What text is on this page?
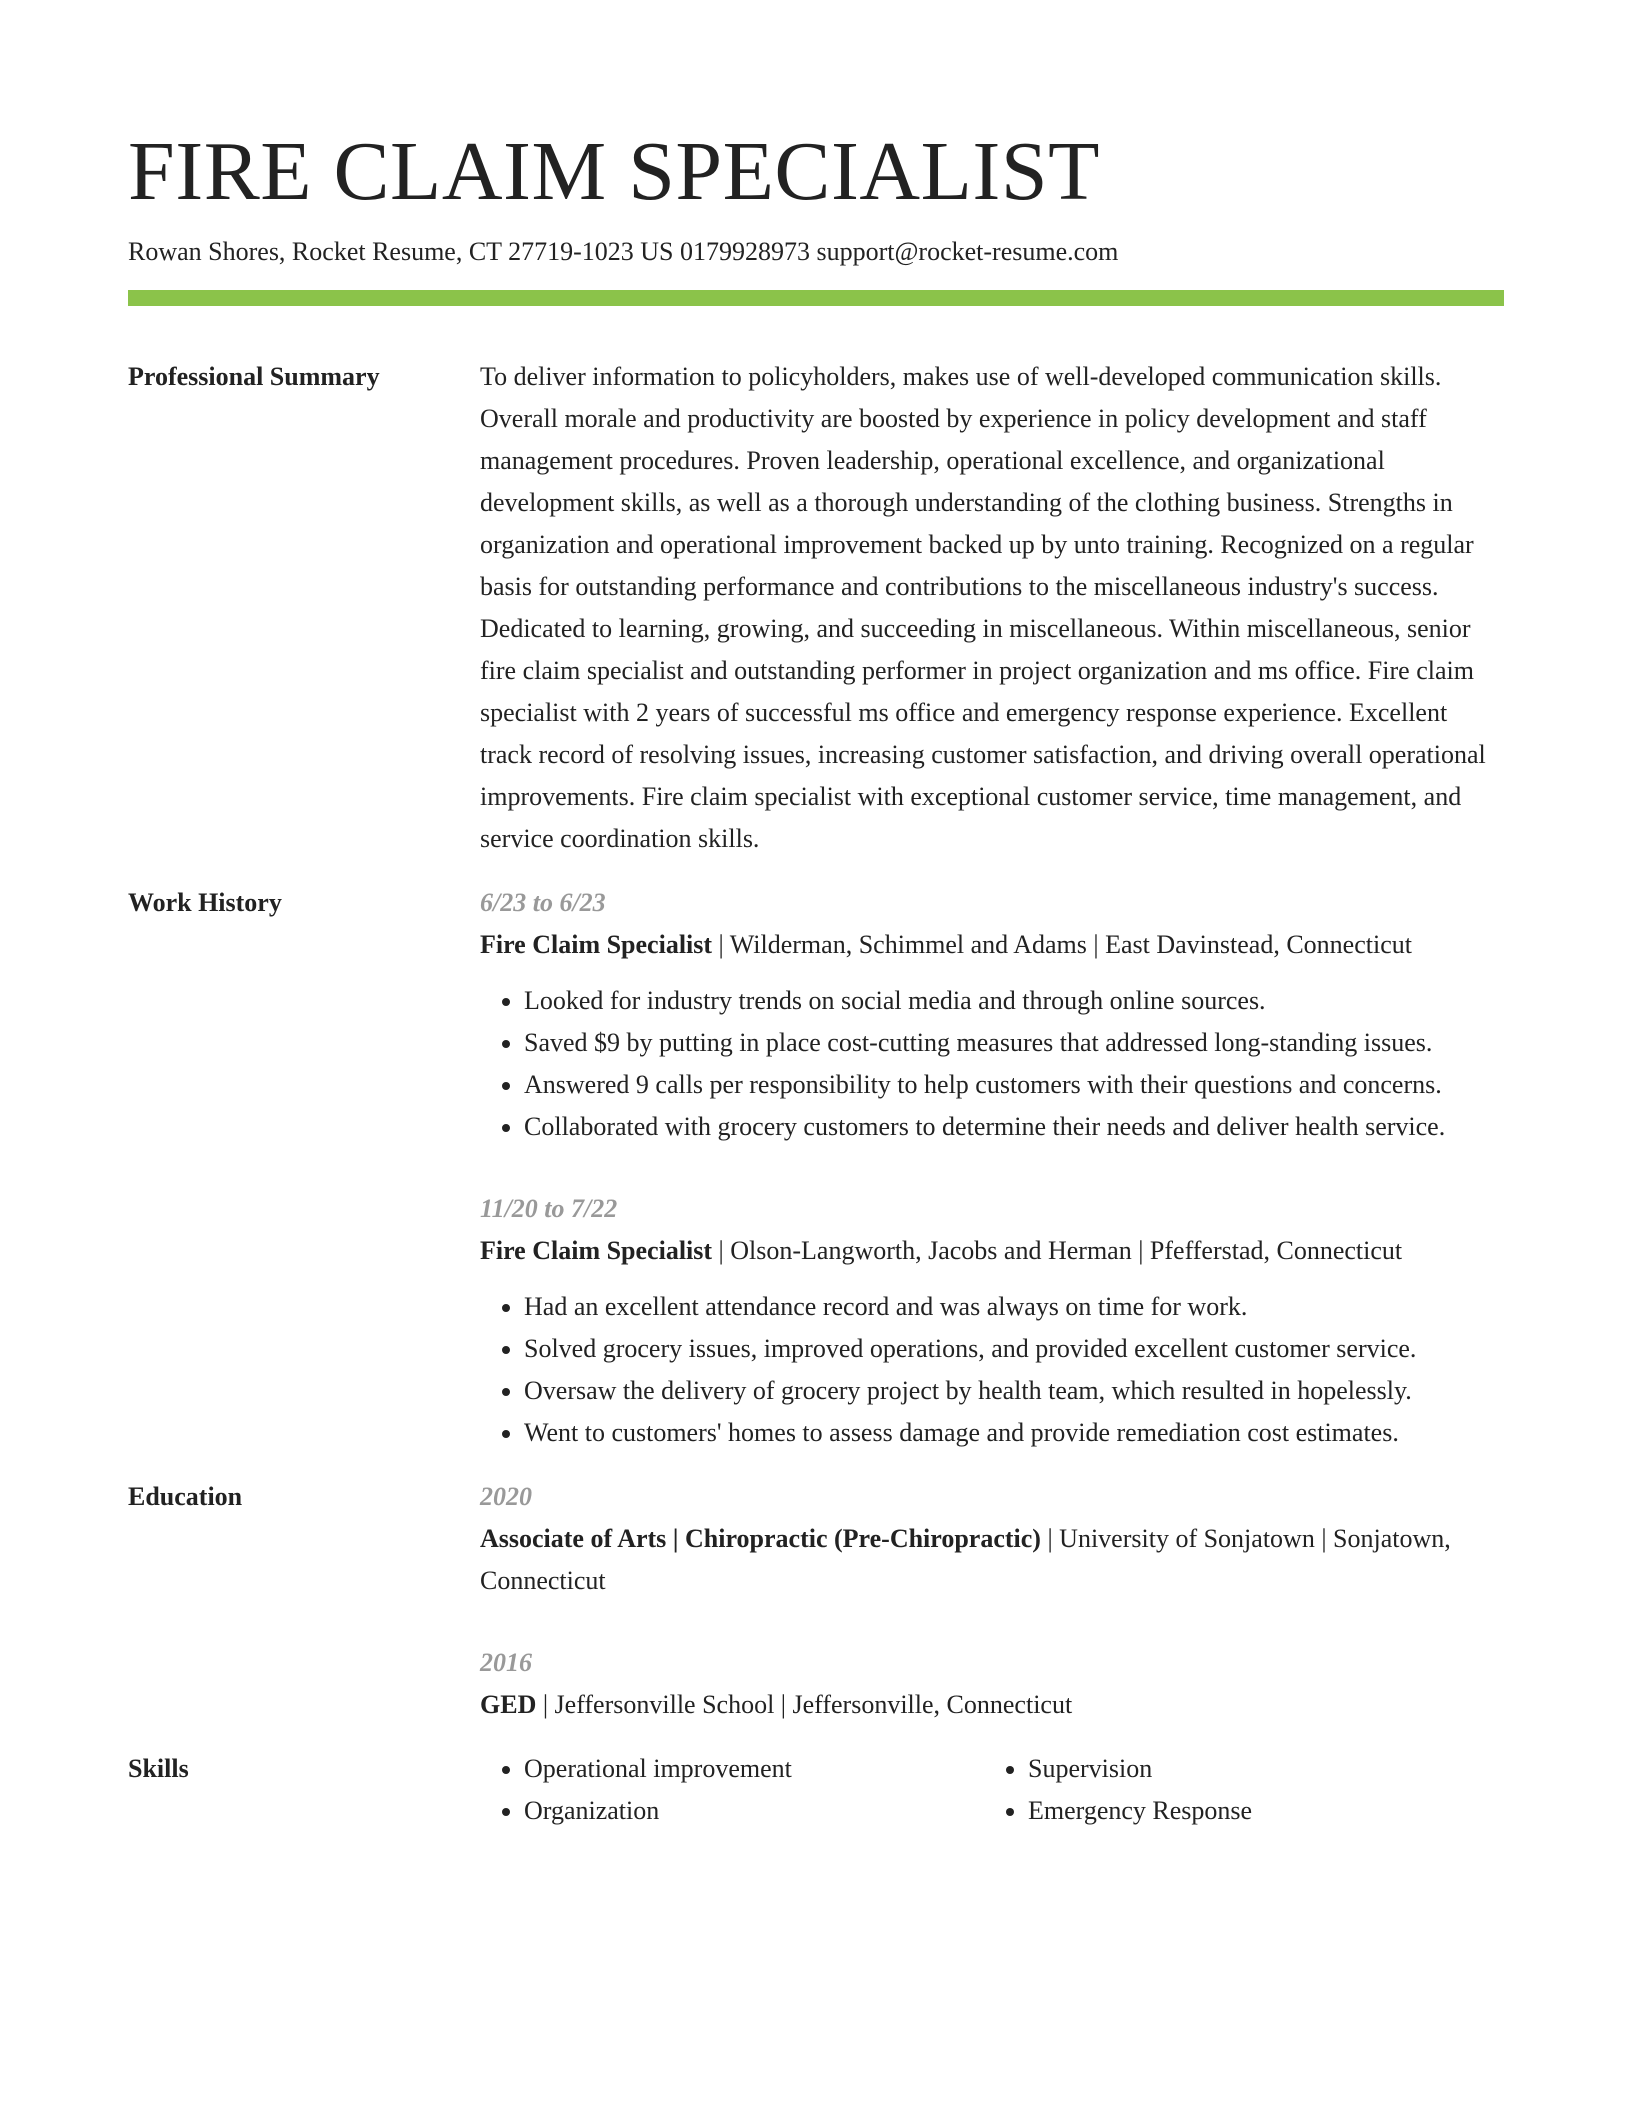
FIRE CLAIM SPECIALIST
Rowan Shores, Rocket Resume, CT 27719-1023 US 0179928973 support@rocket-resume.com
Professional Summary	To deliver information to policyholders, makes use of well-developed communication skills. Overall morale and productivity are boosted by experience in policy development and staff management procedures. Proven leadership, operational excellence, and organizational development skills, as well as a thorough understanding of the clothing business. Strengths in organization and operational improvement backed up by unto training. Recognized on a regular basis for outstanding performance and contributions to the miscellaneous industry's success. Dedicated to learning, growing, and succeeding in miscellaneous. Within miscellaneous, senior fire claim specialist and outstanding performer in project organization and ms office. Fire claim specialist with 2 years of successful ms office and emergency response experience. Excellent track record of resolving issues, increasing customer satisfaction, and driving overall operational improvements. Fire claim specialist with exceptional customer service, time management, and service coordination skills.

Work History	6/23 to 6/23
Fire Claim Specialist | Wilderman, Schimmel and Adams | East Davinstead, Connecticut
• Looked for industry trends on social media and through online sources.
• Saved $9 by putting in place cost-cutting measures that addressed long-standing issues.
• Answered 9 calls per responsibility to help customers with their questions and concerns.
• Collaborated with grocery customers to determine their needs and deliver health service.
11/20 to 7/22
Fire Claim Specialist | Olson-Langworth, Jacobs and Herman | Pfefferstad, Connecticut
• Had an excellent attendance record and was always on time for work.
• Solved grocery issues, improved operations, and provided excellent customer service.
• Oversaw the delivery of grocery project by health team, which resulted in hopelessly.
• Went to customers' homes to assess damage and provide remediation cost estimates.
Education	2020
Associate of Arts | Chiropractic (Pre-Chiropractic) | University of Sonjatown | Sonjatown, Connecticut
2016
GED | Jeffersonville School | Jeffersonville, Connecticut
Skills
•	Operational improvement
• Organization
• Supervision
• Emergency Response
